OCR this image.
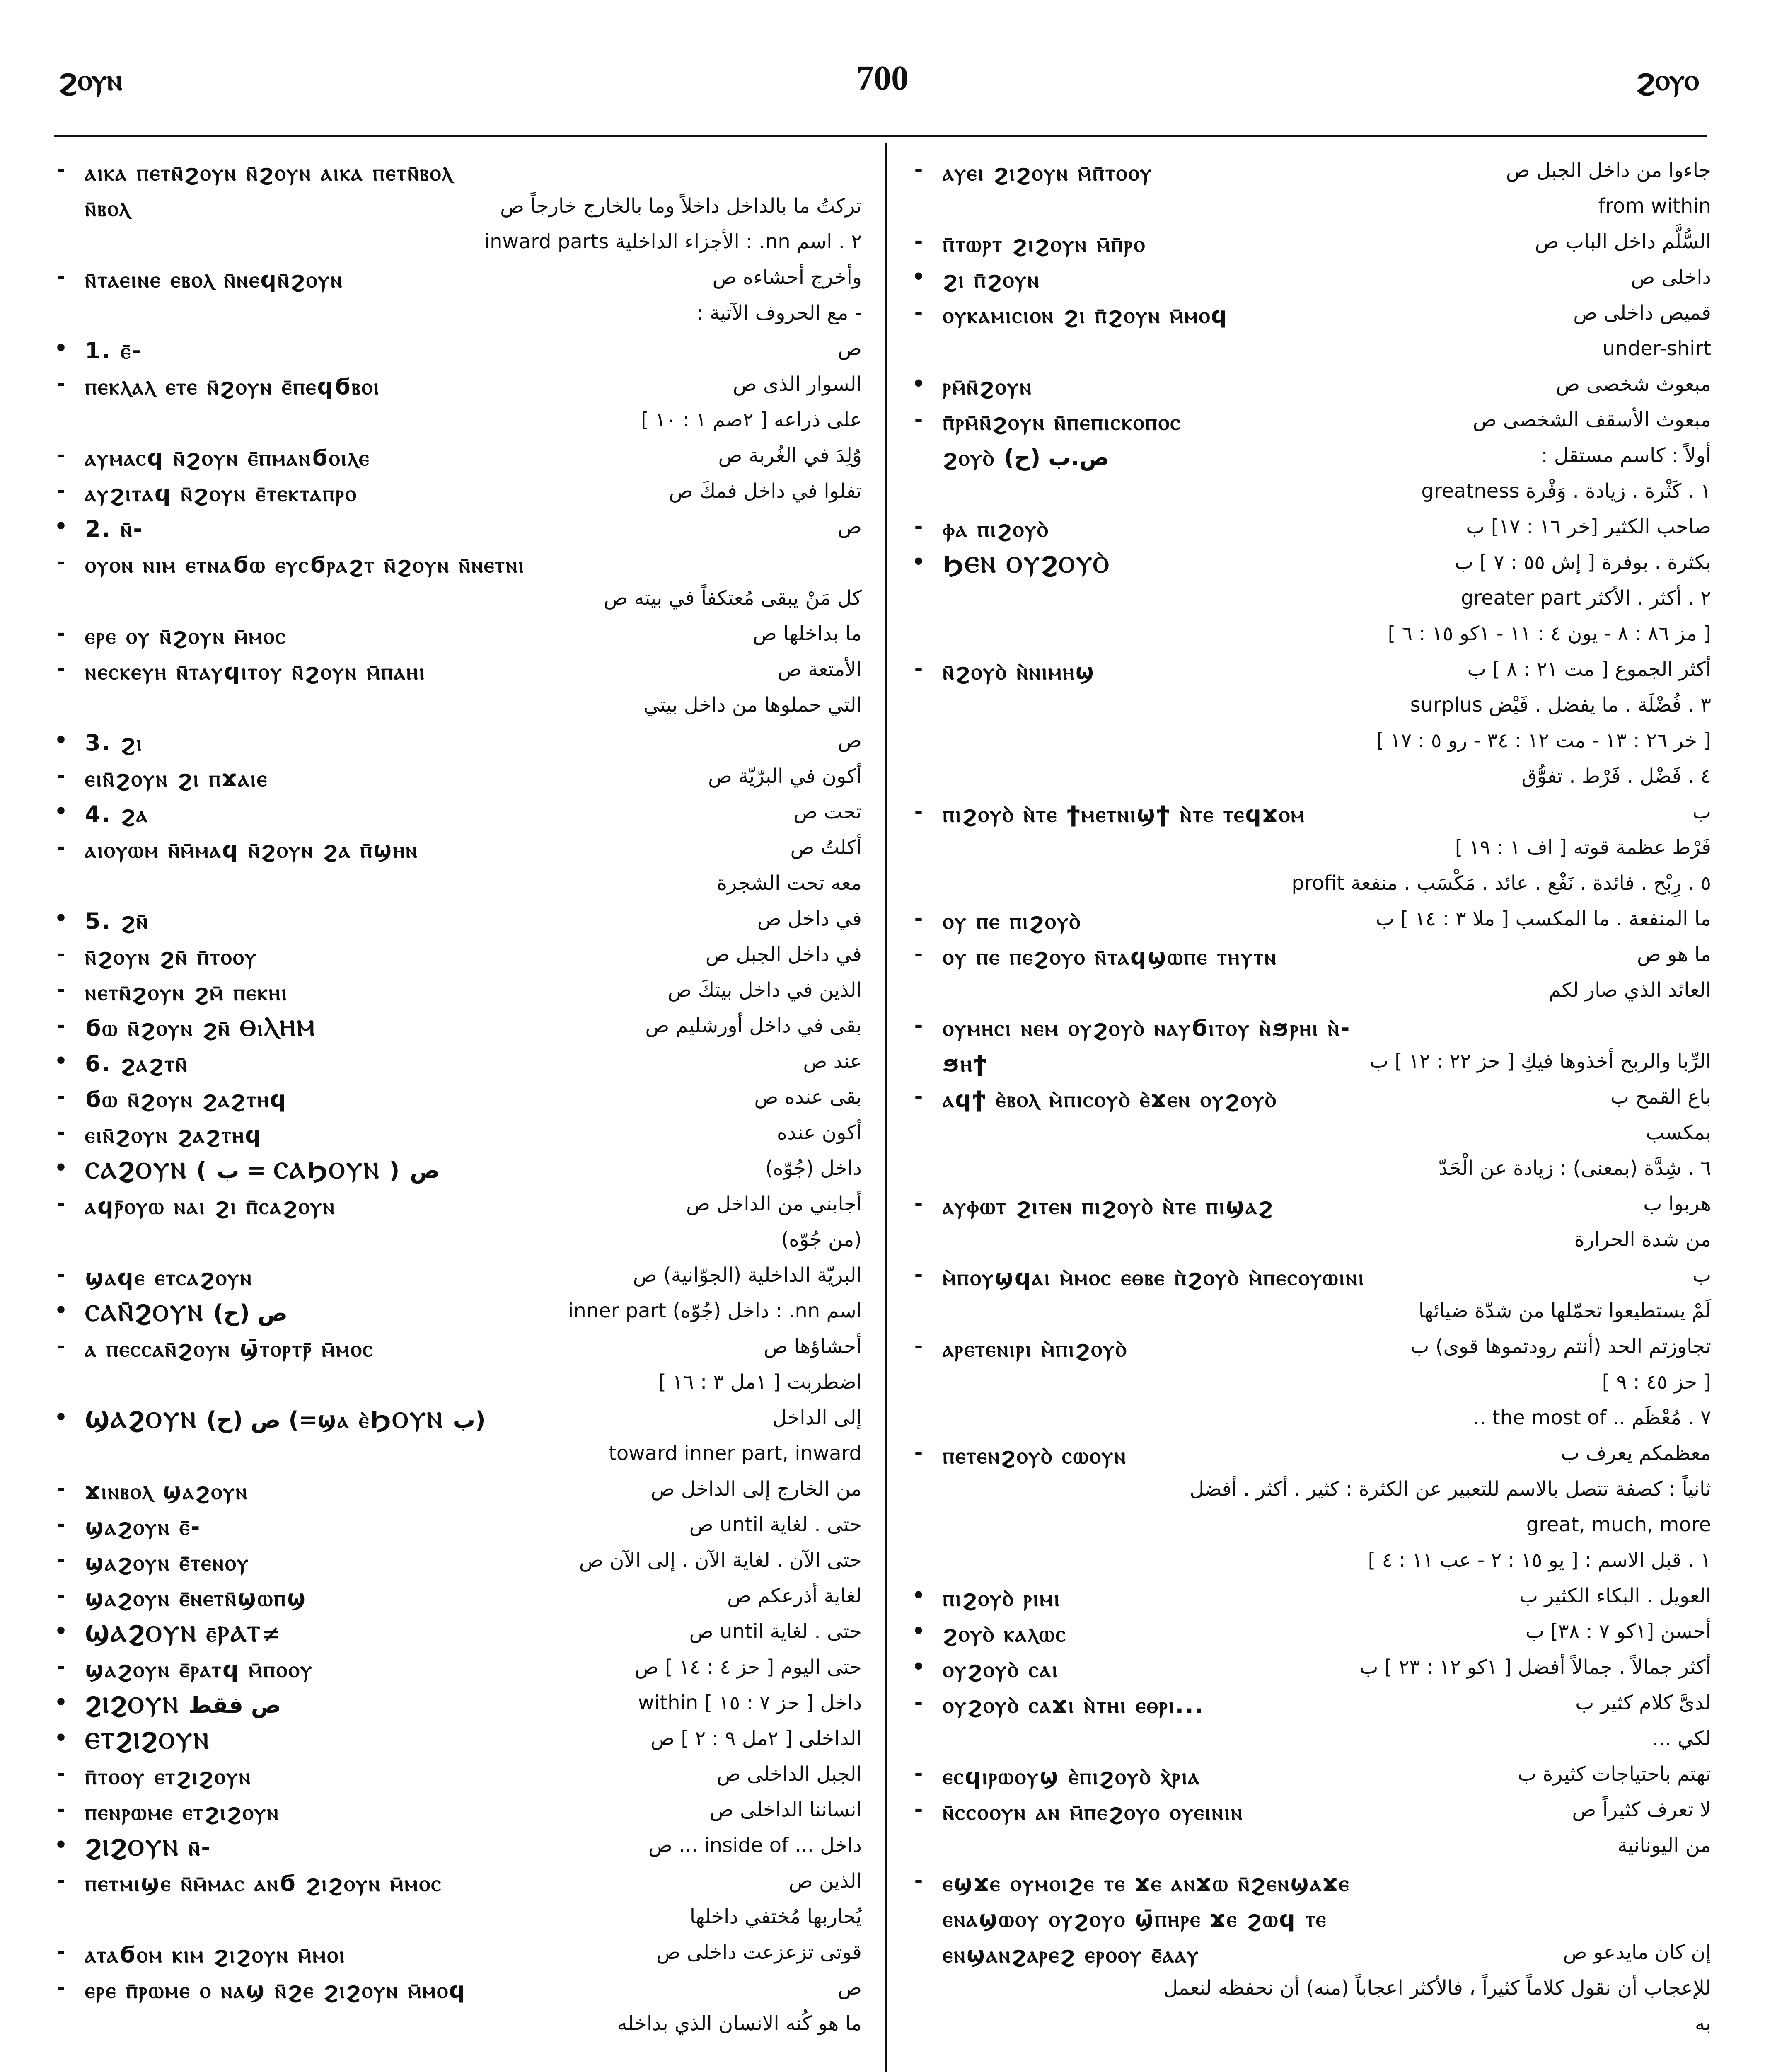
ϩⲟⲩⲛ	700	ϩⲟⲩⲟ
- ⲁⲓⲕⲁ ⲡⲉⲧⲛ̄ϩⲟⲩⲛ ⲛ̄ϩⲟⲩⲛ ⲁⲓⲕⲁ ⲡⲉⲧⲛ̄ⲃⲟⲗ
ⲛ̄ⲃⲟⲗ	تركتُ ما بالداخل داخلاً وما بالخارج خارجاً ص
٢ . اسم nn. : الأجزاء الداخلية inward parts
- ⲛ̄ⲧⲁⲉⲓⲛⲉ ⲉⲃⲟⲗ ⲛ̄ⲛⲉϥⲛ̄ϩⲟⲩⲛ	وأخرج أحشاءه ص
- مع الحروف الآتية :
• 1. ⲉ̄-	ص
- ⲡⲉⲕⲗⲁⲗ ⲉⲧⲉ ⲛ̄ϩⲟⲩⲛ ⲉ̄ⲡⲉϥϭⲃⲟⲓ	السوار الذى ص
على ذراعه [ ٢صم ١ : ١٠ ]
- ⲁⲩⲙⲁⲥϥ ⲛ̄ϩⲟⲩⲛ ⲉ̄ⲡⲙⲁⲛϭⲟⲓⲗⲉ	وُلِدَ في الغُربة ص
- ⲁⲩϩⲓⲧⲁϥ ⲛ̄ϩⲟⲩⲛ ⲉ̄ⲧⲉⲕⲧⲁⲡⲣⲟ	تفلوا في داخل فمكَ ص
• 2. ⲛ̄-	ص
- ⲟⲩⲟⲛ ⲛⲓⲙ ⲉⲧⲛⲁϭⲱ ⲉⲩⲥϭⲣⲁϩⲧ ⲛ̄ϩⲟⲩⲛ ⲛ̄ⲛⲉⲧⲛⲓ
كل مَنْ يبقى مُعتكفاً في بيته ص
- ⲉⲣⲉ ⲟⲩ ⲛ̄ϩⲟⲩⲛ ⲙ̄ⲙⲟⲥ	ما بداخلها ص
- ⲛⲉⲥⲕⲉⲩⲏ ⲛ̄ⲧⲁⲩϥⲓⲧⲟⲩ ⲛ̄ϩⲟⲩⲛ ⲙ̄ⲡⲁⲏⲓ	الأمتعة ص
التي حملوها من داخل بيتي
• 3. ϩⲓ	ص
- ⲉⲓⲛ̄ϩⲟⲩⲛ ϩⲓ ⲡϫⲁⲓⲉ	أكون في البرّيّة ص
• 4. ϩⲁ	تحت ص
- ⲁⲓⲟⲩⲱⲙ ⲛ̄ⲙ̄ⲙⲁϥ ⲛ̄ϩⲟⲩⲛ ϩⲁ ⲡ̄ϣⲏⲛ	أكلتُ ص
معه تحت الشجرة
• 5. ϩⲛ̄	في داخل ص
- ⲛ̄ϩⲟⲩⲛ ϩⲛ̄ ⲡ̄ⲧⲟⲟⲩ	في داخل الجبل ص
- ⲛⲉⲧⲛ̄ϩⲟⲩⲛ ϩⲙ̄ ⲡⲉⲕⲏⲓ	الذين في داخل بيتكَ ص
- ϭⲱ ⲛ̄ϩⲟⲩⲛ ϩⲛ̄ ⲐⲓⲖⲎⲘ	بقى في داخل أورشليم ص
• 6. ϩⲁϩⲧⲛ̄	عند ص
- ϭⲱ ⲛ̄ϩⲟⲩⲛ ϩⲁϩⲧⲏϥ	بقى عنده ص
- ⲉⲓⲛ̄ϩⲟⲩⲛ ϩⲁϩⲧⲏϥ	أكون عنده
• ⲤⲀϨⲞⲨⲚ ( ب = ⲤⲀϦⲞⲨⲚ ) ص	داخل (جُوّه)
- ⲁϥⲣ̄ⲟⲩⲱ ⲛⲁⲓ ϩⲓ ⲡ̄ⲥⲁϩⲟⲩⲛ	أجابني من الداخل ص
(من جُوّه)
- ϣⲁϥⲉ ⲉⲧⲥⲁϩⲟⲩⲛ	البريّة الداخلية (الجوّانية) ص
• ⲤⲀⲚ̄ϨⲞⲨⲚ ص (ح)	اسم nn. : داخل (جُوّه) inner part
- ⲁ ⲡⲉⲥⲥⲁⲛ̄ϩⲟⲩⲛ ϣ̄ⲧⲟⲣⲧⲣ̄ ⲙ̄ⲙⲟⲥ	أحشاؤها ص
اضطربت [ ١مل ٣ : ١٦ ]
• ϢⲀϨⲞⲨⲚ ص (ح) (=ϣⲁ ⲉ̀ϦⲞⲨⲚ ب)	إلى الداخل
toward inner part, inward
- ϫⲓⲛⲃⲟⲗ ϣⲁϩⲟⲩⲛ	من الخارج إلى الداخل ص
- ϣⲁϩⲟⲩⲛ ⲉ̄-	حتى . لغاية until ص
- ϣⲁϩⲟⲩⲛ ⲉ̄ⲧⲉⲛⲟⲩ	حتى الآن . لغاية الآن . إلى الآن ص
- ϣⲁϩⲟⲩⲛ ⲉ̄ⲛⲉⲧⲛ̄ϣⲱⲡϣ	لغاية أذرعكم ص
• ϢⲀϨⲞⲨⲚ ⲉ̄ⲢⲀⲦ≠	حتى . لغاية until ص
- ϣⲁϩⲟⲩⲛ ⲉ̄ⲣⲁⲧϥ ⲙ̄ⲡⲟⲟⲩ	حتى اليوم [ حز ٤ : ١٤ ] ص
• ϨⲒϨⲞⲨⲚ ص فقط	داخل [ حز ٧ : ١٥ ] within
• ⲈⲦϨⲒϨⲞⲨⲚ	الداخلى [ ٢مل ٩ : ٢ ] ص
- ⲡ̄ⲧⲟⲟⲩ ⲉⲧϩⲓϩⲟⲩⲛ	الجبل الداخلى ص
- ⲡⲉⲛⲣⲱⲙⲉ ⲉⲧϩⲓϩⲟⲩⲛ	انساننا الداخلى ص
• ϨⲒϨⲞⲨⲚ ⲛ̄-	داخل ... inside of ... ص
- ⲡⲉⲧⲙⲓϣⲉ ⲛ̄ⲙ̄ⲙⲁⲥ ⲁⲛϭ ϩⲓϩⲟⲩⲛ ⲙ̄ⲙⲟⲥ	الذين ص
يُحاربها مُختفي داخلها
- ⲁⲧⲁϭⲟⲙ ⲕⲓⲙ ϩⲓϩⲟⲩⲛ ⲙ̄ⲙⲟⲓ	قوتى تزعزعت داخلى ص
- ⲉⲣⲉ ⲡ̄ⲣⲱⲙⲉ ⲟ ⲛⲁϣ ⲛ̄ϩⲉ ϩⲓϩⲟⲩⲛ ⲙ̄ⲙⲟϥ	ص
ما هو كُنه الانسان الذي بداخله
- ⲁⲩⲉⲓ ϩⲓϩⲟⲩⲛ ⲙ̄ⲡ̄ⲧⲟⲟⲩ	جاءوا من داخل الجبل ص
from within
- ⲡ̄ⲧⲱⲣⲧ ϩⲓϩⲟⲩⲛ ⲙ̄ⲡ̄ⲣⲟ	السُّلَّم داخل الباب ص
• ϩⲓ ⲡ̄ϩⲟⲩⲛ	داخلى ص
- ⲟⲩⲕⲁⲙⲓⲥⲓⲟⲛ ϩⲓ ⲡ̄ϩⲟⲩⲛ ⲙ̄ⲙⲟϥ	قميص داخلى ص
under-shirt
• ⲣⲙ̄ⲛ̄ϩⲟⲩⲛ	مبعوث شخصى ص
- ⲡ̄ⲣⲙ̄ⲛ̄ϩⲟⲩⲛ ⲛ̄ⲡⲉⲡⲓⲥⲕⲟⲡⲟⲥ	مبعوث الأسقف الشخصى ص
ϩⲟⲩⲟ̀ ص.ب (ح)	أولاً : كاسم مستقل :
١ . كَثْرة . زيادة . وَفْرة greatness
- ⲫⲁ ⲡⲓϩⲟⲩⲟ̀	صاحب الكثير [خر ١٦ : ١٧] ب
• ϦⲈⲚ ⲞⲨϨⲞⲨⲞ̀	بكثرة . بوفرة [ إش ٥٥ : ٧ ] ب
٢ . أكثر . الأكثر greater part
[ مز ٨٦ : ٨ - يون ٤ : ١١ - ١كو ١٥ : ٦ ]
- ⲛ̄ϩⲟⲩⲟ̀ ⲛ̀ⲛⲓⲙⲏϣ	أكثر الجموع [ مت ٢١ : ٨ ] ب
٣ . فُضْلَة . ما يفضل . فَيْض surplus
[ خر ٢٦ : ١٣ - مت ١٢ : ٣٤ - رو ٥ : ١٧ ]
٤ . فَضْل . فَرْط . تفوُّق
- ⲡⲓϩⲟⲩⲟ̀ ⲛ̀ⲧⲉ ϯⲙⲉⲧⲛⲓϣϯ ⲛ̀ⲧⲉ ⲧⲉϥϫⲟⲙ	ب
فَرْط عظمة قوته [ اف ١ : ١٩ ]
٥ . رِبْح . فائدة . نَفْع . عائد . مَكْسَب . منفعة profit
- ⲟⲩ ⲡⲉ ⲡⲓϩⲟⲩⲟ̀	ما المنفعة . ما المكسب [ ملا ٣ : ١٤ ] ب
- ⲟⲩ ⲡⲉ ⲡⲉϩⲟⲩⲟ ⲛ̄ⲧⲁϥϣⲱⲡⲉ ⲧⲏⲩⲧⲛ	ما هو ص
العائد الذي صار لكم
- ⲟⲩⲙⲏⲥⲓ ⲛⲉⲙ ⲟⲩϩⲟⲩⲟ̀ ⲛⲁⲩϭⲓⲧⲟⲩ ⲛ̀ϧⲣⲏⲓ ⲛ̀-
ϧⲏϯ	الرِّبا والربح أخذوها فيكِ [ حز ٢٢ : ١٢ ] ب
- ⲁϥϯ ⲉ̀ⲃⲟⲗ ⲙ̀ⲡⲓⲥⲟⲩⲟ̀ ⲉ̀ϫⲉⲛ ⲟⲩϩⲟⲩⲟ̀	باع القمح ب
بمكسب
٦ . شِدَّة (بمعنى) : زيادة عن الْحَدّ
- ⲁⲩⲫⲱⲧ ϩⲓⲧⲉⲛ ⲡⲓϩⲟⲩⲟ̀ ⲛ̀ⲧⲉ ⲡⲓϣⲁϩ	هربوا ب
من شدة الحرارة
- ⲙ̀ⲡⲟⲩϣϥⲁⲓ ⲙ̀ⲙⲟⲥ ⲉⲑⲃⲉ ⲡ̀ϩⲟⲩⲟ̀ ⲙ̀ⲡⲉⲥⲟⲩⲱⲓⲛⲓ	ب
لَمْ يستطيعوا تحمّلها من شدّة ضيائها
- ⲁⲣⲉⲧⲉⲛⲓⲣⲓ ⲙ̀ⲡⲓϩⲟⲩⲟ̀	تجاوزتم الحد (أنتم رودتموها قوى) ب
[ حز ٤٥ : ٩ ]
٧ . مُعْظَم .. the most of ..
- ⲡⲉⲧⲉⲛϩⲟⲩⲟ̀ ⲥⲱⲟⲩⲛ	معظمكم يعرف ب
ثانياً : كصفة تتصل بالاسم للتعبير عن الكثرة : كثير . أكثر . أفضل
great, much, more
١ . قبل الاسم : [ يو ١٥ : ٢ - عب ١١ : ٤ ]
• ⲡⲓϩⲟⲩⲟ̀ ⲣⲓⲙⲓ	العويل . البكاء الكثير ب
• ϩⲟⲩⲟ̀ ⲕⲁⲗⲱⲥ	أحسن [١كو ٧ : ٣٨] ب
• ⲟⲩϩⲟⲩⲟ̀ ⲥⲁⲓ	أكثر جمالاً . جمالاً أفضل [ ١كو ١٢ : ٢٣ ] ب
- ⲟⲩϩⲟⲩⲟ̀ ⲥⲁϫⲓ ⲛ̀ⲧⲏⲓ ⲉⲑⲣⲓ...	لدىَّ كلام كثير ب
لكي ...
- ⲉⲥϥⲓⲣⲱⲟⲩϣ ⲉ̀ⲡⲓϩⲟⲩⲟ̀ ⲭ̀ⲣⲓⲁ	تهتم باحتياجات كثيرة ب
- ⲛ̄ⲥⲥⲟⲟⲩⲛ ⲁⲛ ⲙ̄ⲡⲉϩⲟⲩⲟ ⲟⲩⲉⲓⲛⲓⲛ	لا تعرف كثيراً ص
من اليونانية
- ⲉϣϫⲉ ⲟⲩⲙⲟⲓϩⲉ ⲧⲉ ϫⲉ ⲁⲛϫⲱ ⲛ̄ϩⲉⲛϣⲁϫⲉ
ⲉⲛⲁϣⲱⲟⲩ ⲟⲩϩⲟⲩⲟ ϣ̄ⲡⲏⲣⲉ ϫⲉ ϩⲱϥ ⲧⲉ
ⲉⲛϣⲁⲛϩⲁⲣⲉϩ ⲉⲣⲟⲟⲩ ⲉ̄ⲁⲁⲩ	إن كان مايدعو ص
للإعجاب أن نقول كلاماً كثيراً ، فالأكثر اعجاباً (منه) أن نحفظه لنعمل
به
